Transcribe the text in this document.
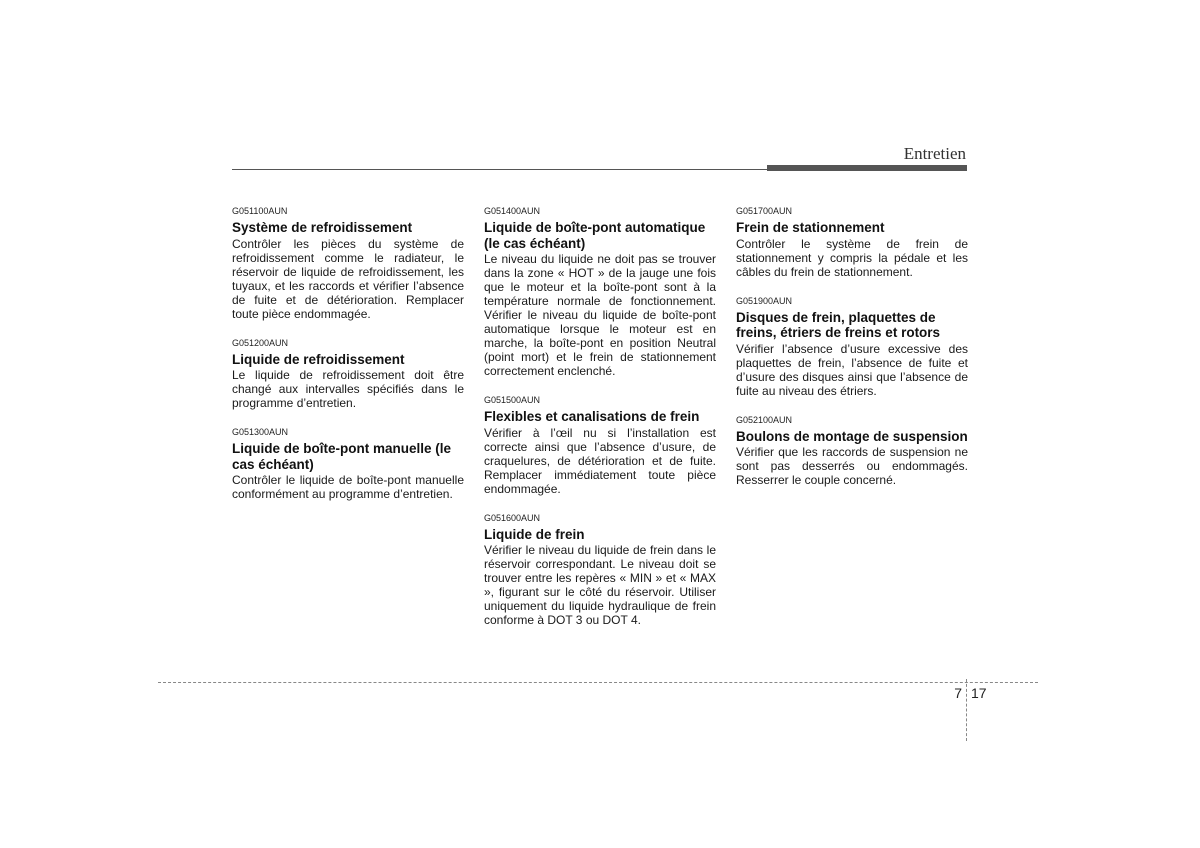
Entretien
G051100AUN
Système de refroidissement
Contrôler les pièces du système de refroidissement comme le radiateur, le réservoir de liquide de refroidissement, les tuyaux, et les raccords et vérifier l’absence de fuite et de détérioration. Remplacer toute pièce endommagée.
G051200AUN
Liquide de refroidissement
Le liquide de refroidissement doit être changé aux intervalles spécifiés dans le programme d’entretien.
G051300AUN
Liquide de boîte-pont manuelle (le cas échéant)
Contrôler le liquide de boîte-pont manuelle conformément au programme d’entretien.
G051400AUN
Liquide de boîte-pont automatique (le cas échéant)
Le niveau du liquide ne doit pas se trouver dans la zone « HOT » de la jauge une fois que le moteur et la boîte-pont sont à la température normale de fonctionnement. Vérifier le niveau du liquide de boîte-pont automatique lorsque le moteur est en marche, la boîte-pont en position Neutral (point mort) et le frein de stationnement correctement enclenché.
G051500AUN
Flexibles et canalisations de frein
Vérifier à l’œil nu si l’installation est correcte ainsi que l’absence d’usure, de craquelures, de détérioration et de fuite. Remplacer immédiatement toute pièce endommagée.
G051600AUN
Liquide de frein
Vérifier le niveau du liquide de frein dans le réservoir correspondant. Le niveau doit se trouver entre les repères « MIN » et « MAX », figurant sur le côté du réservoir. Utiliser uniquement du liquide hydraulique de frein conforme à DOT 3 ou DOT 4.
G051700AUN
Frein de stationnement
Contrôler le système de frein de stationnement y compris la pédale et les câbles du frein de stationnement.
G051900AUN
Disques de frein, plaquettes de freins, étriers de freins et rotors
Vérifier l’absence d’usure excessive des plaquettes de frein, l’absence de fuite et d’usure des disques ainsi que l’absence de fuite au niveau des étriers.
G052100AUN
Boulons de montage de suspension
Vérifier que les raccords de suspension ne sont pas desserrés ou endommagés. Resserrer le couple concerné.
7 17
